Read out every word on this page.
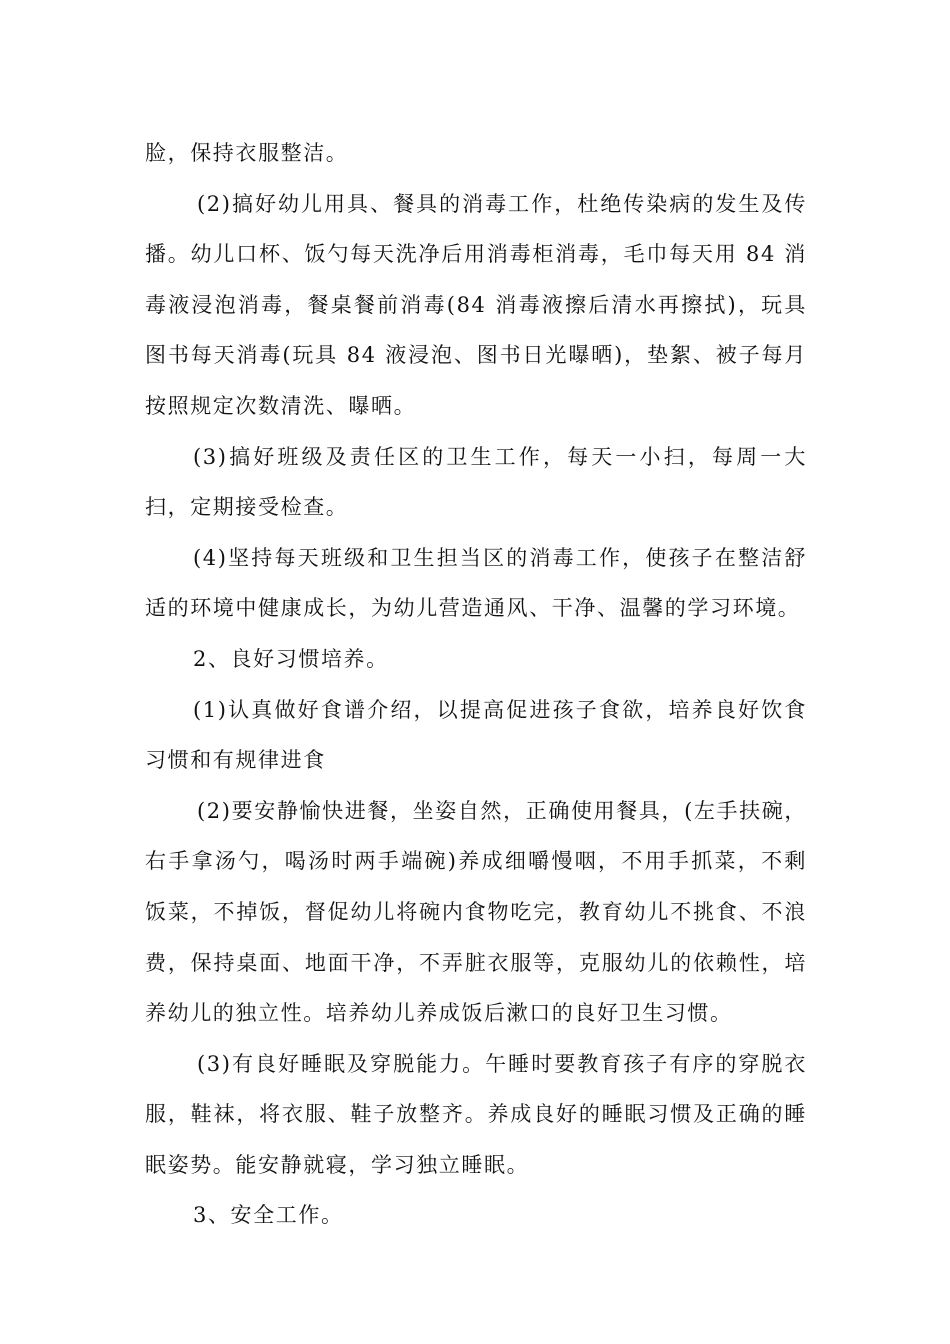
脸，保持衣服整洁。

(2)搞好幼儿用具、餐具的消毒工作，杜绝传染病的发生及传播。幼儿口杯、饭勺每天洗净后用消毒柜消毒，毛巾每天用 84 消毒液浸泡消毒，餐桌餐前消毒(84 消毒液擦后清水再擦拭)，玩具图书每天消毒(玩具 84 液浸泡、图书日光曝晒)，垫絮、被子每月按照规定次数清洗、曝晒。

(3)搞好班级及责任区的卫生工作，每天一小扫，每周一大扫，定期接受检查。

(4)坚持每天班级和卫生担当区的消毒工作，使孩子在整洁舒适的环境中健康成长，为幼儿营造通风、干净、温馨的学习环境。

2、良好习惯培养。

(1)认真做好食谱介绍，以提高促进孩子食欲，培养良好饮食习惯和有规律进食

(2)要安静愉快进餐，坐姿自然，正确使用餐具，(左手扶碗，右手拿汤勺，喝汤时两手端碗)养成细嚼慢咽，不用手抓菜，不剩饭菜，不掉饭，督促幼儿将碗内食物吃完，教育幼儿不挑食、不浪费，保持桌面、地面干净，不弄脏衣服等，克服幼儿的依赖性，培养幼儿的独立性。培养幼儿养成饭后漱口的良好卫生习惯。

(3)有良好睡眠及穿脱能力。午睡时要教育孩子有序的穿脱衣服，鞋袜，将衣服、鞋子放整齐。养成良好的睡眠习惯及正确的睡眠姿势。能安静就寝，学习独立睡眠。

3、安全工作。
